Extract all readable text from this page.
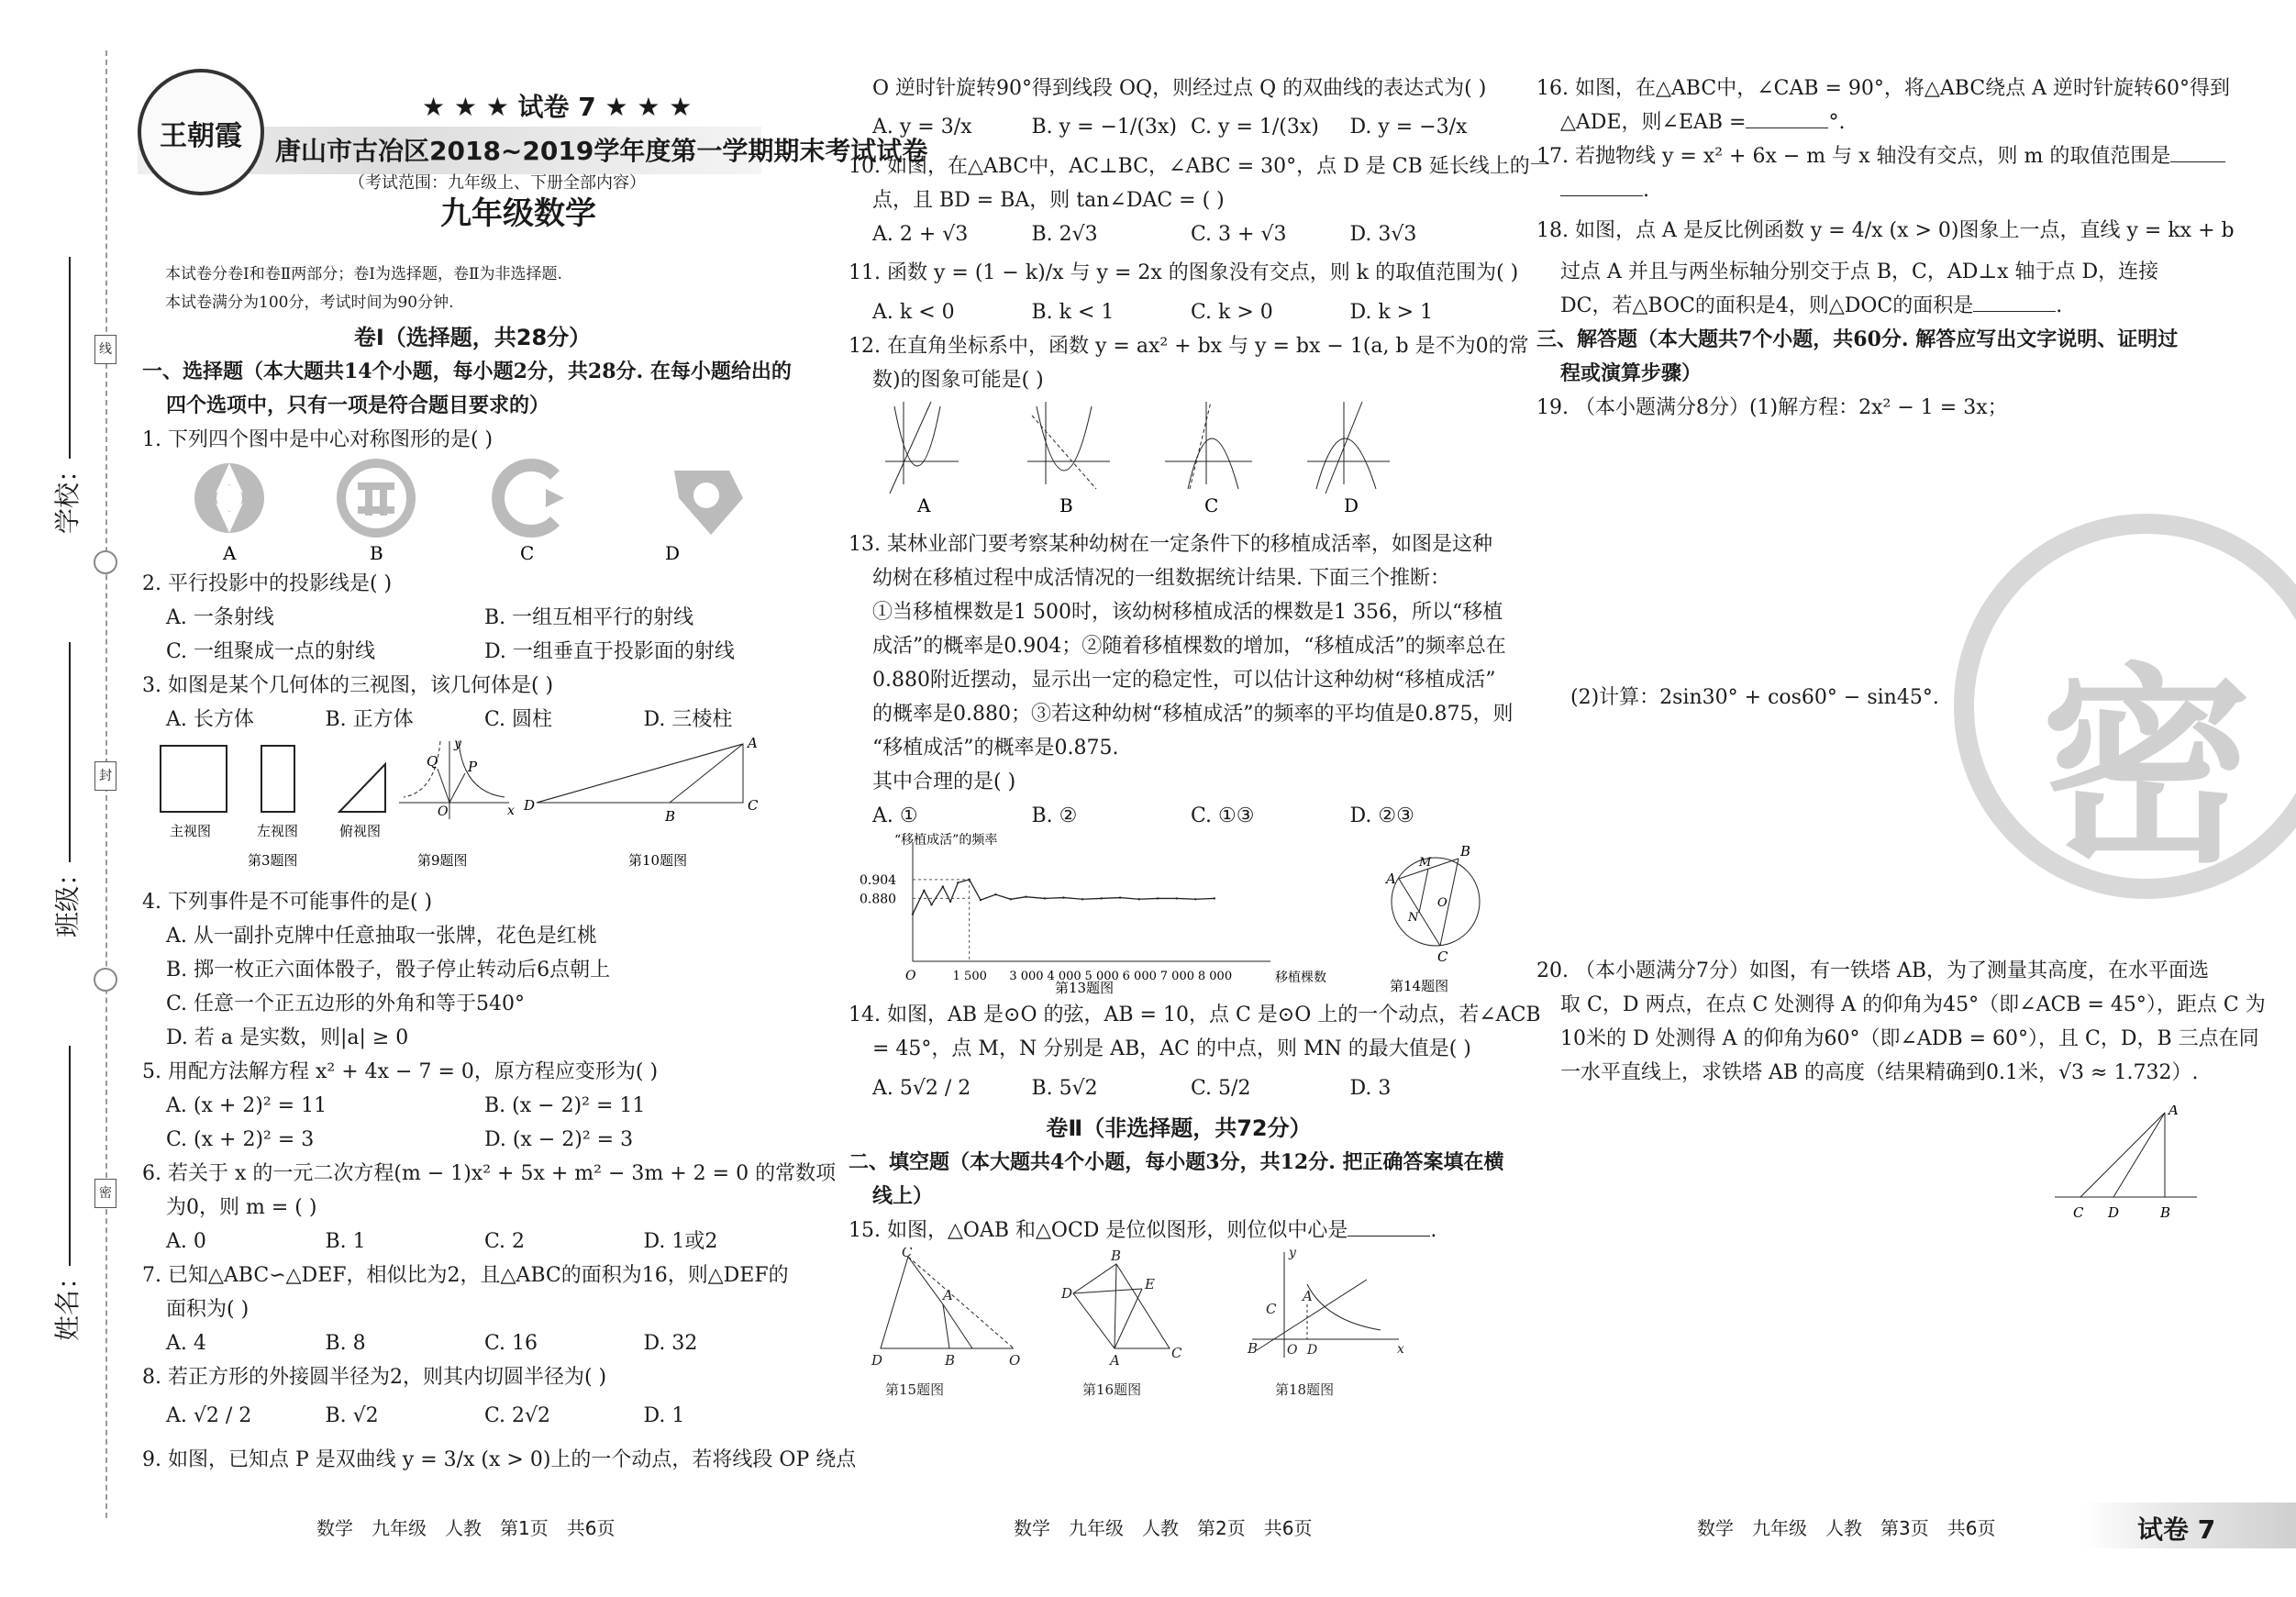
学校：
班级：
姓名：
线
封
密
王朝霞
★ ★ ★ 试卷 7 ★ ★ ★
唐山市古冶区2018~2019学年度第一学期期末考试试卷
（考试范围：九年级上、下册全部内容）
九年级数学
本试卷分卷Ⅰ和卷Ⅱ两部分；卷Ⅰ为选择题，卷Ⅱ为非选择题.
本试卷满分为100分，考试时间为90分钟.
卷Ⅰ（选择题，共28分）
一、选择题（本大题共14个小题，每小题2分，共28分. 在每小题给出的
四个选项中，只有一项是符合题目要求的）
1. 下列四个图中是中心对称图形的是( )
A	B	C	D
2. 平行投影中的投影线是( )
A. 一条射线	B. 一组互相平行的射线
C. 一组聚成一点的射线	D. 一组垂直于投影面的射线
3. 如图是某个几何体的三视图，该几何体是( )
A. 长方体	B. 正方体	C. 圆柱	D. 三棱柱
主视图	左视图	俯视图
第3题图
P
Q
O	x
y
第9题图
D
B
C
A
第10题图
4. 下列事件是不可能事件的是( )
A. 从一副扑克牌中任意抽取一张牌，花色是红桃
B. 掷一枚正六面体骰子，骰子停止转动后6点朝上
C. 任意一个正五边形的外角和等于540°
D. 若 a 是实数，则|a| ≥ 0
5. 用配方法解方程 x² + 4x − 7 = 0，原方程应变形为( )
A. (x + 2)² = 11	B. (x − 2)² = 11
C. (x + 2)² = 3	D. (x − 2)² = 3
6. 若关于 x 的一元二次方程(m − 1)x² + 5x + m² − 3m + 2 = 0 的常数项
为0，则 m = ( )
A. 0	B. 1	C. 2	D. 1或2
7. 已知△ABC∽△DEF，相似比为2，且△ABC的面积为16，则△DEF的
面积为( )
A. 4	B. 8	C. 16	D. 32
8. 若正方形的外接圆半径为2，则其内切圆半径为( )
A. √2 / 2	B. √2	C. 2√2	D. 1
9. 如图，已知点 P 是双曲线 y = 3/x (x > 0)上的一个动点，若将线段 OP 绕点
O 逆时针旋转90°得到线段 OQ，则经过点 Q 的双曲线的表达式为( )
A. y = 3/x	B. y = −1/(3x) C. y = 1/(3x)	D. y = −3/x
10. 如图，在△ABC中，AC⊥BC，∠ABC = 30°，点 D 是 CB 延长线上的一
点，且 BD = BA，则 tan∠DAC = ( )
A. 2 + √3	B. 2√3	C. 3 + √3	D. 3√3
11. 函数 y = (1 − k)/x 与 y = 2x 的图象没有交点，则 k 的取值范围为( )
A. k < 0	B. k < 1	C. k > 0	D. k > 1
12. 在直角坐标系中，函数 y = ax² + bx 与 y = bx − 1(a, b 是不为0的常
数)的图象可能是( )
A	B	C	D
13. 某林业部门要考察某种幼树在一定条件下的移植成活率，如图是这种
幼树在移植过程中成活情况的一组数据统计结果. 下面三个推断：
①当移植棵数是1 500时，该幼树移植成活的棵数是1 356，所以“移植
成活”的概率是0.904；②随着移植棵数的增加，“移植成活”的频率总在
0.880附近摆动，显示出一定的稳定性，可以估计这种幼树“移植成活”
的概率是0.880；③若这种幼树“移植成活”的频率的平均值是0.875，则
“移植成活”的概率是0.875.
其中合理的是( )
A. ①	B. ②	C. ①③	D. ②③
“移植成活”的频率
移植棵数
O
0.880
0.904
1 500 3 000 4 000 5 000 6 000 7 000 8 000
第13题图
A
B
C
M
N
O
第14题图
14. 如图，AB 是⊙O 的弦，AB = 10，点 C 是⊙O 上的一个动点，若∠ACB
= 45°，点 M，N 分别是 AB，AC 的中点，则 MN 的最大值是( )
A. 5√2 / 2	B. 5√2	C. 5/2	D. 3
卷Ⅱ（非选择题，共72分）
二、填空题（本大题共4个小题，每小题3分，共12分. 把正确答案填在横
线上）
15. 如图，△OAB 和△OCD 是位似图形，则位似中心是	.
C
A
D	B	O
第15题图
D
B
E
A	C
第16题图
y
C
A
B O D	x
第18题图
16. 如图，在△ABC中，∠CAB = 90°，将△ABC绕点 A 逆时针旋转60°得到
△ADE，则∠EAB =	°.
17. 若抛物线 y = x² + 6x − m 与 x 轴没有交点，则 m 的取值范围是
.
18. 如图，点 A 是反比例函数 y = 4/x (x > 0)图象上一点，直线 y = kx + b
过点 A 并且与两坐标轴分别交于点 B，C，AD⊥x 轴于点 D，连接
DC，若△BOC的面积是4，则△DOC的面积是	.
三、解答题（本大题共7个小题，共60分. 解答应写出文字说明、证明过
程或演算步骤）
19. （本小题满分8分）(1)解方程：2x² − 1 = 3x；
(2)计算：2sin30° + cos60° − sin45°. 密
20. （本小题满分7分）如图，有一铁塔 AB，为了测量其高度，在水平面选
取 C，D 两点，在点 C 处测得 A 的仰角为45°（即∠ACB = 45°），距点 C 为
10米的 D 处测得 A 的仰角为60°（即∠ADB = 60°），且 C，D，B 三点在同
一水平直线上，求铁塔 AB 的高度（结果精确到0.1米，√3 ≈ 1.732）.
C D	B
A
数学　九年级　人教　第1页　共6页	数学　九年级　人教　第2页　共6页	数学　九年级　人教　第3页　共6页	试卷 7
